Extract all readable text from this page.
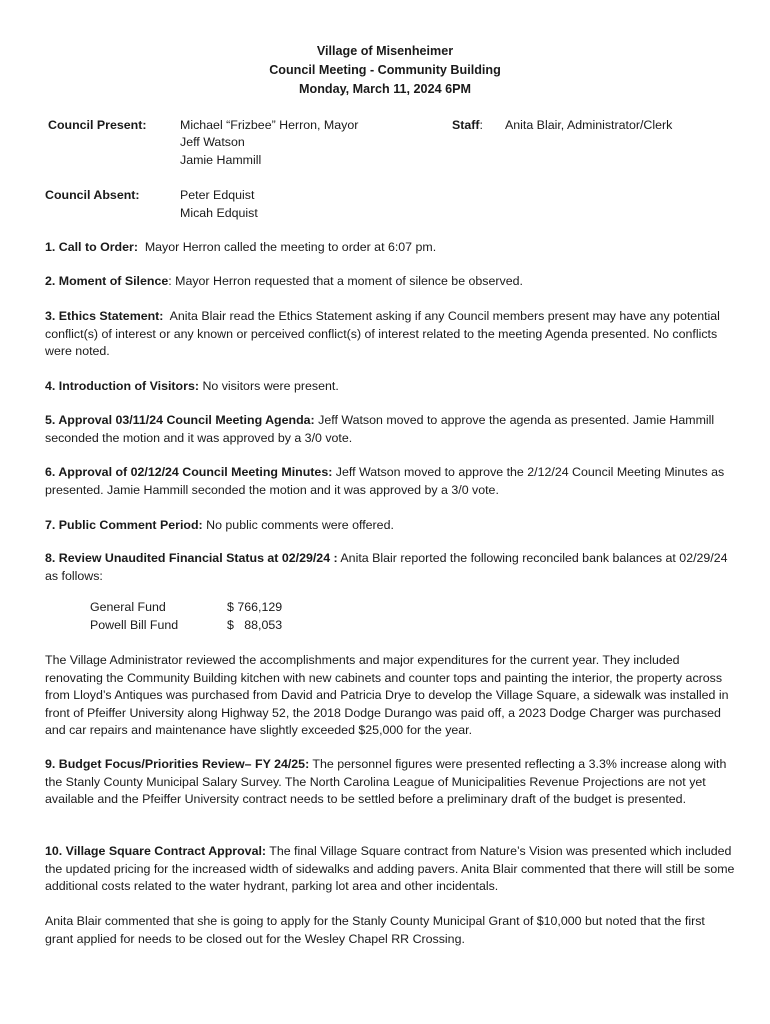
Village of Misenheimer
Council Meeting - Community Building
Monday, March 11, 2024 6PM
Council Present:	Michael “Frizbee” Herron, Mayor
Jeff Watson
Jamie Hammill
Staff: Anita Blair, Administrator/Clerk
Council Absent:	Peter Edquist
Micah Edquist
1. Call to Order: Mayor Herron called the meeting to order at 6:07 pm.
2. Moment of Silence: Mayor Herron requested that a moment of silence be observed.
3. Ethics Statement: Anita Blair read the Ethics Statement asking if any Council members present may have any potential conflict(s) of interest or any known or perceived conflict(s) of interest related to the meeting Agenda presented. No conflicts were noted.
4. Introduction of Visitors: No visitors were present.
5. Approval 03/11/24 Council Meeting Agenda: Jeff Watson moved to approve the agenda as presented. Jamie Hammill seconded the motion and it was approved by a 3/0 vote.
6. Approval of 02/12/24 Council Meeting Minutes: Jeff Watson moved to approve the 2/12/24 Council Meeting Minutes as presented. Jamie Hammill seconded the motion and it was approved by a 3/0 vote.
7. Public Comment Period: No public comments were offered.
8. Review Unaudited Financial Status at 02/29/24 : Anita Blair reported the following reconciled bank balances at 02/29/24 as follows:
General Fund	$ 766,129
Powell Bill Fund	$   88,053
The Village Administrator reviewed the accomplishments and major expenditures for the current year. They included renovating the Community Building kitchen with new cabinets and counter tops and painting the interior, the property across from Lloyd’s Antiques was purchased from David and Patricia Drye to develop the Village Square, a sidewalk was installed in front of Pfeiffer University along Highway 52, the 2018 Dodge Durango was paid off, a 2023 Dodge Charger was purchased and car repairs and maintenance have slightly exceeded $25,000 for the year.
9. Budget Focus/Priorities Review– FY 24/25: The personnel figures were presented reflecting a 3.3% increase along with the Stanly County Municipal Salary Survey. The North Carolina League of Municipalities Revenue Projections are not yet available and the Pfeiffer University contract needs to be settled before a preliminary draft of the budget is presented.
10. Village Square Contract Approval: The final Village Square contract from Nature’s Vision was presented which included the updated pricing for the increased width of sidewalks and adding pavers. Anita Blair commented that there will still be some additional costs related to the water hydrant, parking lot area and other incidentals.
Anita Blair commented that she is going to apply for the Stanly County Municipal Grant of $10,000 but noted that the first grant applied for needs to be closed out for the Wesley Chapel RR Crossing.
